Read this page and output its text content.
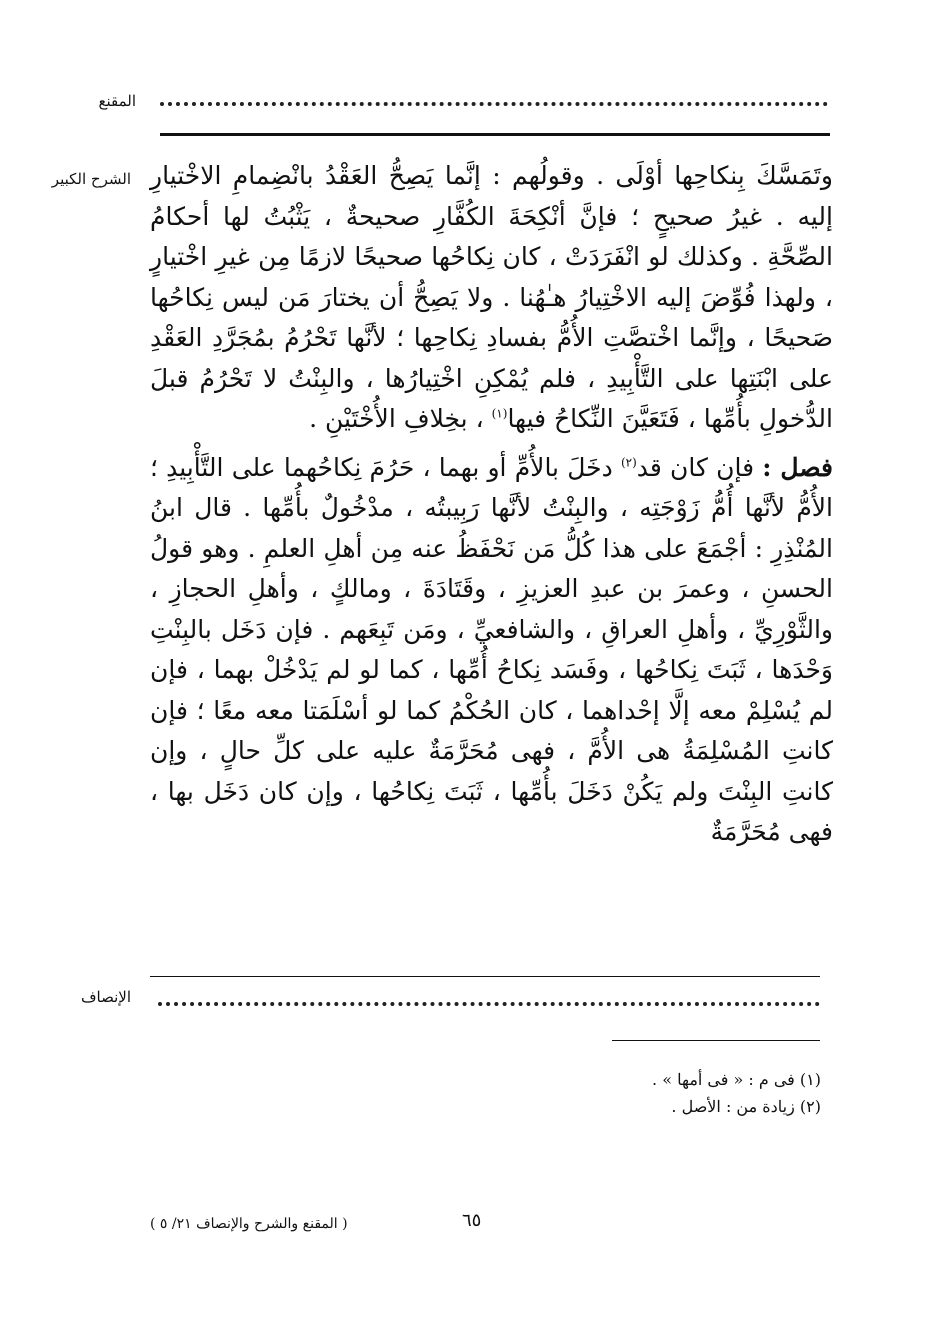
المقنع
الشرح الكبير وتَمَسَّكَ بِنكاحِها أوْلَى . وقولُهم : إنَّما يَصِحُّ العَقْدُ بانْضِمامِ الاخْتيارِ إليه . غيرُ صحيحٍ ؛ فإنَّ أنْكِحَةَ الكُفَّارِ صحيحةٌ ، يَثْبُتُ لها أحكامُ الصِّحَّةِ . وكذلك لو انْفَرَدَتْ ، كان نِكاحُها صحيحًا لازمًا مِن غيرِ اخْتيارٍ ، ولهذا فُوِّضَ إليه الاخْتِيارُ هـٰهُنا . ولا يَصِحُّ أن يختارَ مَن ليس نِكاحُها صَحيحًا ، وإنَّما اخْتصَّتِ الأُمُّ بفسادِ نِكاحِها ؛ لأنَّها تَحْرُمُ بمُجَرَّدِ العَقْدِ على ابْنَتِها على التَّأْبِيدِ ، فلم يُمْكِنِ اخْتِيارُها ، والبِنْتُ لا تَحْرُمُ قبلَ الدُّخولِ بأُمِّها ، فَتَعَيَّنَ النِّكاحُ فيها$^{(١)}$ ، بخِلافِ الأُخْتَيْنِ .

فصل : فإن كان قد$^{(٢)}$ دخَلَ بالأُمِّ أو بهما ، حَرُمَ نِكاحُهما على التَّأْبِيدِ ؛ الأُمُّ لأنَّها أُمُّ زَوْجَتِه ، والبِنْتُ لأنَّها رَبِيبتُه ، مدْخُولٌ بأُمِّها . قال ابنُ المُنْذِرِ : أجْمَعَ على هذا كُلُّ مَن نَحْفَظُ عنه مِن أهلِ العلمِ . وهو قولُ الحسنِ ، وعمرَ بن عبدِ العزيزِ ، وقَتَادَةَ ، ومالكٍ ، وأهلِ الحجازِ ، والثَّوْرِيِّ ، وأهلِ العراقِ ، والشافعيِّ ، ومَن تَبِعَهم . فإن دَخَل بالبِنْتِ وَحْدَها ، ثَبَتَ نِكاحُها ، وفَسَد نِكاحُ أُمِّها ، كما لو لم يَدْخُلْ بهما ، فإن لم يُسْلِمْ معه إلَّا إحْداهما ، كان الحُكْمُ كما لو أسْلَمَتا معه معًا ؛ فإن كانتِ المُسْلِمَةُ هى الأُمَّ ، فهى مُحَرَّمَةٌ عليه على كلِّ حالٍ ، وإن كانتِ البِنْتَ ولم يَكُنْ دَخَلَ بأُمِّها ، ثَبَتَ نِكاحُها ، وإن كان دَخَل بها ، فهى مُحَرَّمَةٌ

الإنصاف
(١) فى م : « فى أمها » .
(٢) زيادة من : الأصل .
٦٥
( المقنع والشرح والإنصاف ٢١/ ٥ )
